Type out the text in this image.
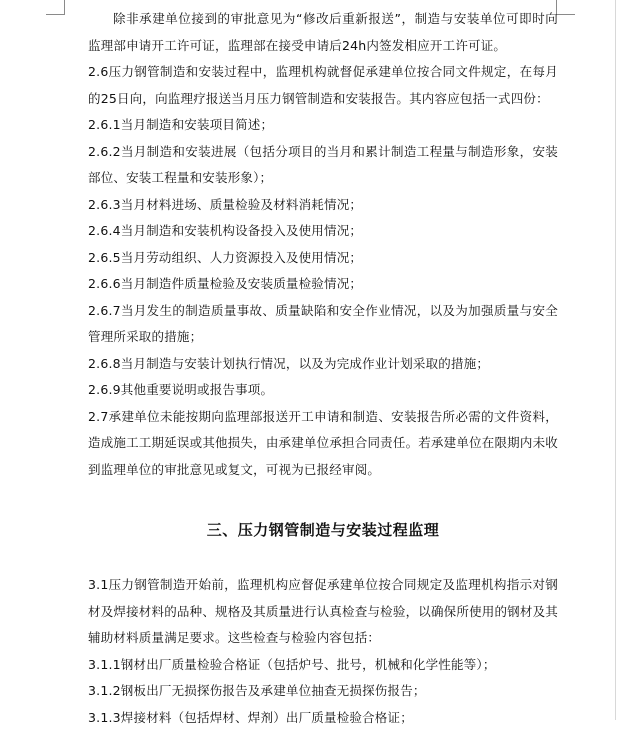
除非承建单位接到的审批意见为“修改后重新报送”，制造与安装单位可即时向监理部申请开工许可证，监理部在接受申请后24h内签发相应开工许可证。

2.6压力钢管制造和安装过程中，监理机构就督促承建单位按合同文件规定，在每月的25日向，向监理疗报送当月压力钢管制造和安装报告。其内容应包括一式四份：

2.6.1当月制造和安装项目简述；

2.6.2当月制造和安装进展（包括分项目的当月和累计制造工程量与制造形象，安装部位、安装工程量和安装形象）；

2.6.3当月材料进场、质量检验及材料消耗情况；

2.6.4当月制造和安装机构设备投入及使用情况；

2.6.5当月劳动组织、人力资源投入及使用情况；

2.6.6当月制造件质量检验及安装质量检验情况；

2.6.7当月发生的制造质量事故、质量缺陷和安全作业情况，以及为加强质量与安全管理所采取的措施；

2.6.8当月制造与安装计划执行情况，以及为完成作业计划采取的措施；

2.6.9其他重要说明或报告事项。

2.7承建单位未能按期向监理部报送开工申请和制造、安装报告所必需的文件资料，造成施工工期延误或其他损失，由承建单位承担合同责任。若承建单位在限期内未收到监理单位的审批意见或复文，可视为已报经审阅。

三、压力钢管制造与安装过程监理

3.1压力钢管制造开始前，监理机构应督促承建单位按合同规定及监理机构指示对钢材及焊接材料的品种、规格及其质量进行认真检查与检验，以确保所使用的钢材及其辅助材料质量满足要求。这些检查与检验内容包括：

3.1.1钢材出厂质量检验合格证（包括炉号、批号，机械和化学性能等）；

3.1.2钢板出厂无损探伤报告及承建单位抽查无损探伤报告；

3.1.3焊接材料（包括焊材、焊剂）出厂质量检验合格证；
